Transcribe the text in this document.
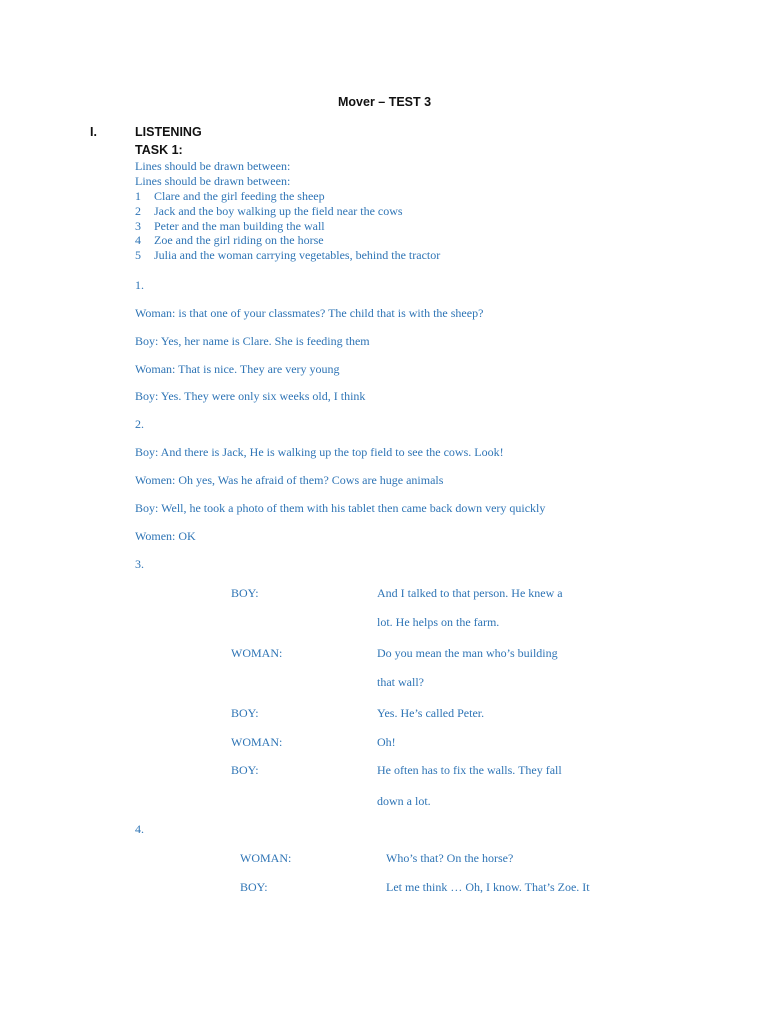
Mover – TEST 3
I.	LISTENING
TASK 1:
Lines should be drawn between:
Lines should be drawn between:
1 Clare and the girl feeding the sheep
2 Jack and the boy walking up the field near the cows
3 Peter and the man building the wall
4 Zoe and the girl riding on the horse
5 Julia and the woman carrying vegetables, behind the tractor
1.
Woman: is that one of your classmates? The child that is with the sheep?
Boy: Yes, her name is Clare. She is feeding them
Woman: That is nice. They are very young
Boy: Yes. They were only six weeks old, I think
2.
Boy: And there is Jack, He is walking up the top field to see the cows. Look!
Women: Oh yes, Was he afraid of them? Cows are huge animals
Boy: Well, he took a photo of them with his tablet then came back down very quickly
Women: OK
3.
BOY:	And I talked to that person. He knew a
lot. He helps on the farm.
WOMAN:	Do you mean the man who’s building
that wall?
BOY:	Yes. He’s called Peter.
WOMAN:	Oh!
BOY:	He often has to fix the walls. They fall
down a lot.
4.
WOMAN:	Who’s that? On the horse?
BOY:	Let me think … Oh, I know. That’s Zoe. It
